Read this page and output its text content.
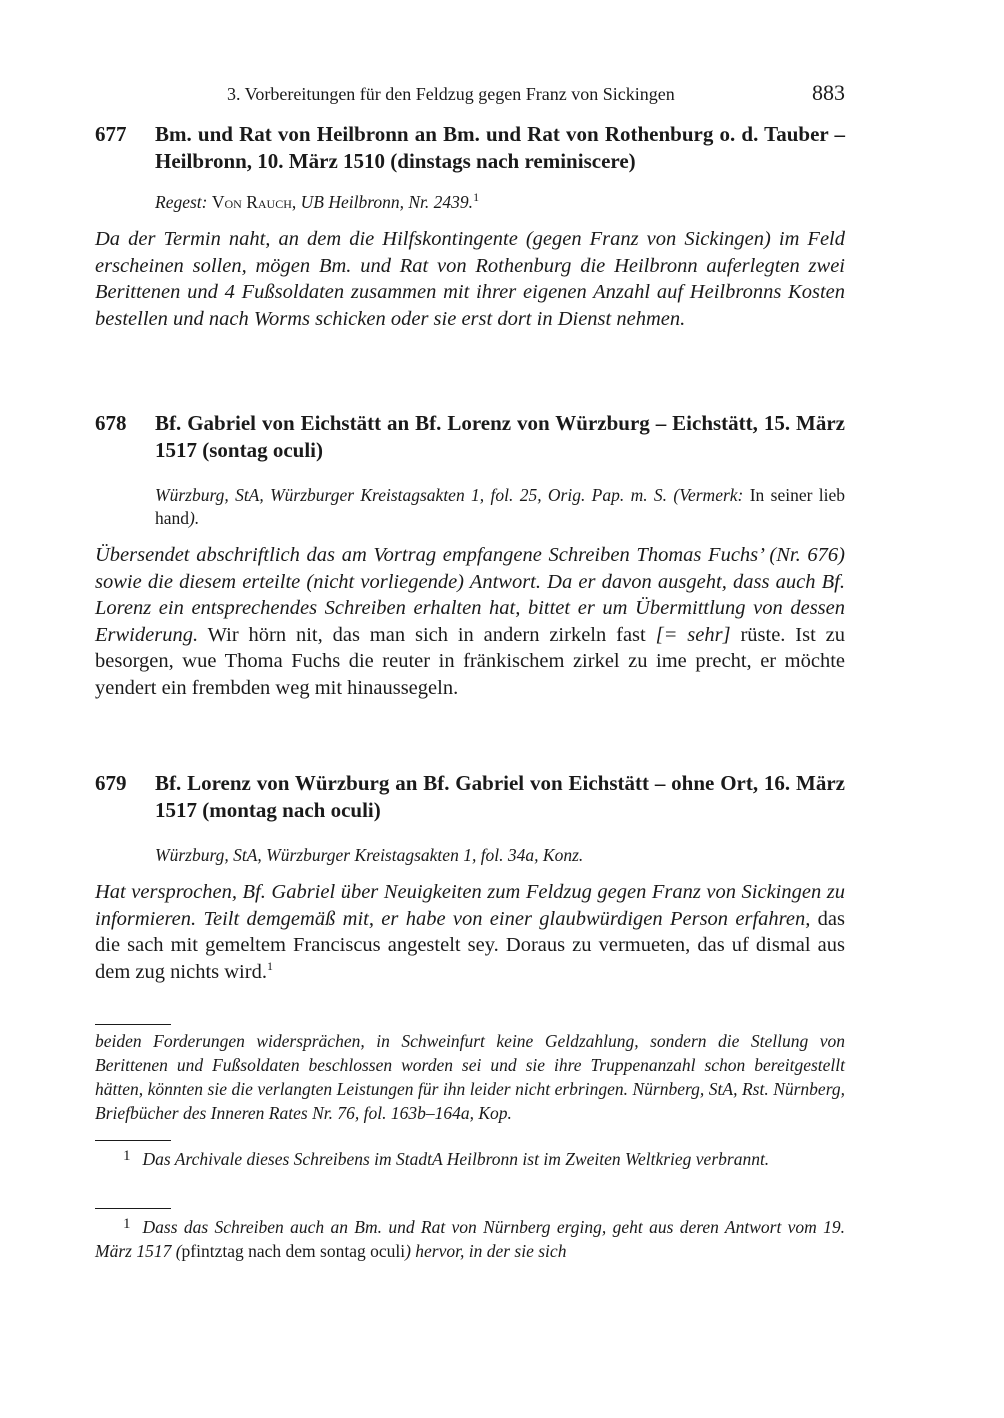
3. Vorbereitungen für den Feldzug gegen Franz von Sickingen	883
677 Bm. und Rat von Heilbronn an Bm. und Rat von Rothenburg o. d. Tauber – Heilbronn, 10. März 1510 (dinstags nach reminiscere)
Regest: Von Rauch, UB Heilbronn, Nr. 2439.$^1$
Da der Termin naht, an dem die Hilfskontingente (gegen Franz von Sickingen) im Feld erscheinen sollen, mögen Bm. und Rat von Rothenburg die Heilbronn auferlegten zwei Berittenen und 4 Fußsoldaten zusammen mit ihrer eigenen Anzahl auf Heilbronns Kosten bestellen und nach Worms schicken oder sie erst dort in Dienst nehmen.
678 Bf. Gabriel von Eichstätt an Bf. Lorenz von Würzburg – Eichstätt, 15. März 1517 (sontag oculi)
Würzburg, StA, Würzburger Kreistagsakten 1, fol. 25, Orig. Pap. m. S. (Vermerk: In seiner lieb hand).
Übersendet abschriftlich das am Vortrag empfangene Schreiben Thomas Fuchs’ (Nr. 676) sowie die diesem erteilte (nicht vorliegende) Antwort. Da er davon ausgeht, dass auch Bf. Lorenz ein entsprechendes Schreiben erhalten hat, bittet er um Übermittlung von dessen Erwiderung. Wir hörn nit, das man sich in andern zirkeln fast [= sehr] rüste. Ist zu besorgen, wue Thoma Fuchs die reuter in fränkischem zirkel zu ime precht, er möchte yendert ein frembden weg mit hinaussegeln.
679 Bf. Lorenz von Würzburg an Bf. Gabriel von Eichstätt – ohne Ort, 16. März 1517 (montag nach oculi)
Würzburg, StA, Würzburger Kreistagsakten 1, fol. 34a, Konz.
Hat versprochen, Bf. Gabriel über Neuigkeiten zum Feldzug gegen Franz von Sickingen zu informieren. Teilt demgemäß mit, er habe von einer glaubwürdigen Person erfahren, das die sach mit gemeltem Franciscus angestelt sey. Doraus zu vermueten, das uf dismal aus dem zug nichts wird.$^1$
beiden Forderungen widersprächen, in Schweinfurt keine Geldzahlung, sondern die Stellung von Berittenen und Fußsoldaten beschlossen worden sei und sie ihre Truppenanzahl schon bereitgestellt hätten, könnten sie die verlangten Leistungen für ihn leider nicht erbringen. Nürnberg, StA, Rst. Nürnberg, Briefbücher des Inneren Rates Nr. 76, fol. 163b–164a, Kop.
1 Das Archivale dieses Schreibens im StadtA Heilbronn ist im Zweiten Weltkrieg verbrannt.
1 Dass das Schreiben auch an Bm. und Rat von Nürnberg erging, geht aus deren Antwort vom 19. März 1517 (pfintztag nach dem sontag oculi) hervor, in der sie sich
